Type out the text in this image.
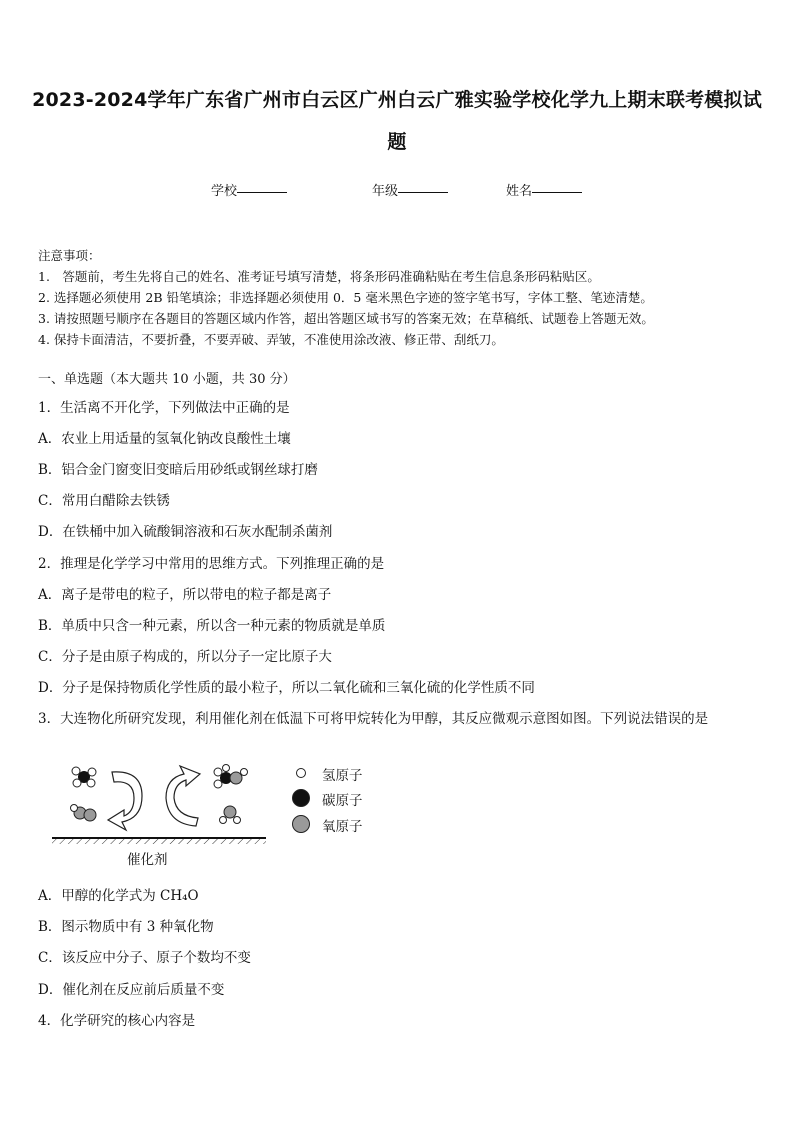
2023-2024学年广东省广州市白云区广州白云广雅实验学校化学九上期末联考模拟试
题
学校	年级	姓名
注意事项：
1.　答题前，考生先将自己的姓名、准考证号填写清楚，将条形码准确粘贴在考生信息条形码粘贴区。
2. 选择题必须使用 2B 铅笔填涂；非选择题必须使用 0．5 毫米黑色字迹的签字笔书写，字体工整、笔迹清楚。
3. 请按照题号顺序在各题目的答题区域内作答，超出答题区域书写的答案无效；在草稿纸、试题卷上答题无效。
4. 保持卡面清洁，不要折叠，不要弄破、弄皱，不准使用涂改液、修正带、刮纸刀。
一、单选题（本大题共 10 小题，共 30 分）
1．生活离不开化学，下列做法中正确的是
A．农业上用适量的氢氧化钠改良酸性土壤
B．铝合金门窗变旧变暗后用砂纸或钢丝球打磨
C．常用白醋除去铁锈
D．在铁桶中加入硫酸铜溶液和石灰水配制杀菌剂
2．推理是化学学习中常用的思维方式。下列推理正确的是
A．离子是带电的粒子，所以带电的粒子都是离子
B．单质中只含一种元素，所以含一种元素的物质就是单质
C．分子是由原子构成的，所以分子一定比原子大
D．分子是保持物质化学性质的最小粒子，所以二氧化硫和三氧化硫的化学性质不同
3．大连物化所研究发现，利用催化剂在低温下可将甲烷转化为甲醇，其反应微观示意图如图。下列说法错误的是
氢原子
碳原子
氧原子
催化剂
A．甲醇的化学式为 CH₄O
B．图示物质中有 3 种氧化物
C．该反应中分子、原子个数均不变
D．催化剂在反应前后质量不变
4．化学研究的核心内容是
